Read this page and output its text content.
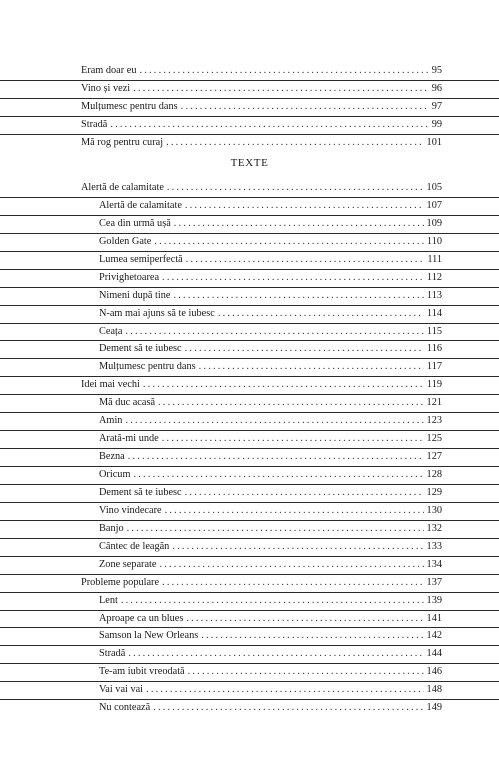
Eram doar eu .....	95
Vino și vezi .....	96
Mulțumesc pentru dans .....	97
Stradă .....	99
Mă rog pentru curaj .....	101
TEXTE
Alertă de calamitate .....	105
Alertă de calamitate .....	107
Cea din urmă ușă .....	109
Golden Gate .....	110
Lumea semiperfectă .....	111
Privighetoarea .....	112
Nimeni după tine .....	113
N-am mai ajuns să te iubesc .....	114
Ceața .....	115
Dement să te iubesc .....	116
Mulțumesc pentru dans .....	117
Idei mai vechi .....	119
Mă duc acasă .....	121
Amin .....	123
Arată-mi unde .....	125
Bezna .....	127
Oricum .....	128
Dement să te iubesc .....	129
Vino vindecare .....	130
Banjo .....	132
Cântec de leagăn .....	133
Zone separate .....	134
Probleme populare .....	137
Lent .....	139
Aproape ca un blues .....	141
Samson la New Orleans .....	142
Stradă .....	144
Te-am iubit vreodată .....	146
Vai vai vai .....	148
Nu contează .....	149
